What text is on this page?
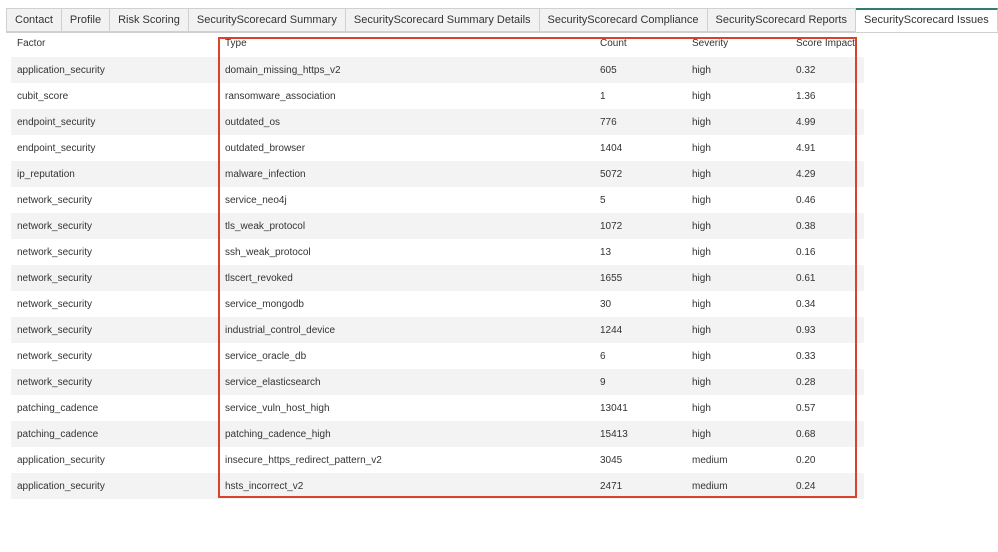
Contact	Profile	Risk Scoring	SecurityScorecard Summary	SecurityScorecard Summary Details	SecurityScorecard Compliance	SecurityScorecard Reports	SecurityScorecard Issues
Factor	Type	Count	Severity	Score Impact
application_security	domain_missing_https_v2	605	high	0.32
cubit_score	ransomware_association	1	high	1.36
endpoint_security	outdated_os	776	high	4.99
endpoint_security	outdated_browser	1404	high	4.91
ip_reputation	malware_infection	5072	high	4.29
network_security	service_neo4j	5	high	0.46
network_security	tls_weak_protocol	1072	high	0.38
network_security	ssh_weak_protocol	13	high	0.16
network_security	tlscert_revoked	1655	high	0.61
network_security	service_mongodb	30	high	0.34
network_security	industrial_control_device	1244	high	0.93
network_security	service_oracle_db	6	high	0.33
network_security	service_elasticsearch	9	high	0.28
patching_cadence	service_vuln_host_high	13041	high	0.57
patching_cadence	patching_cadence_high	15413	high	0.68
application_security	insecure_https_redirect_pattern_v2	3045	medium	0.20
application_security	hsts_incorrect_v2	2471	medium	0.24
